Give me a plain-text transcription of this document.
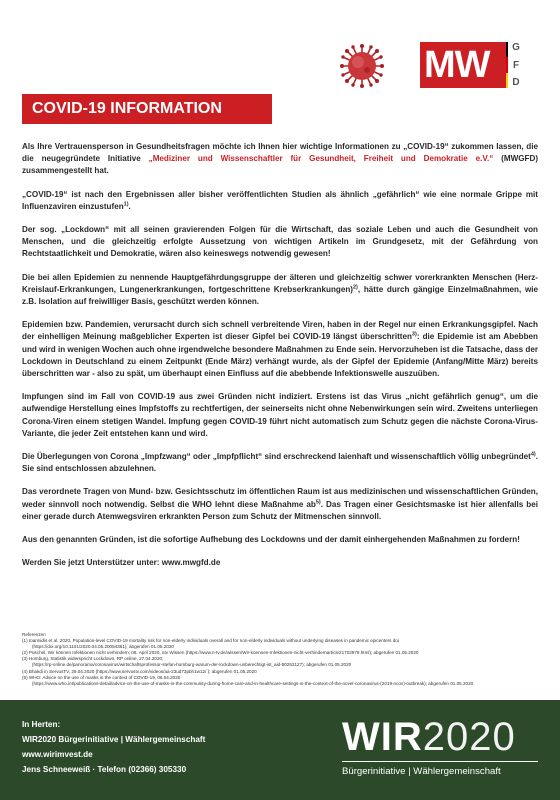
MW	G
F
D
COVID-19 INFORMATION

Als Ihre Vertrauensperson in Gesundheitsfragen möchte ich Ihnen hier wichtige Informationen zu „COVID-19“ zukommen lassen, die die neugegründete Initiative „Mediziner und Wissenschaftler für Gesundheit, Freiheit und Demokratie e.V.“ (MWGFD) zusammengestellt hat.

„COVID-19“ ist nach den Ergebnissen aller bisher veröffentlichten Studien als ähnlich „gefährlich“ wie eine normale Grippe mit Influenzaviren einzustufen$^{1)}$.

Der sog. „Lockdown“ mit all seinen gravierenden Folgen für die Wirtschaft, das soziale Leben und auch die Gesundheit von Menschen, und die gleichzeitig erfolgte Aussetzung von wichtigen Artikeln im Grundgesetz, mit der Gefährdung von Rechtstaatlichkeit und Demokratie, wären also keineswegs notwendig gewesen!

Die bei allen Epidemien zu nennende Hauptgefährdungsgruppe der älteren und gleichzeitig schwer vorerkrankten Menschen (Herz-Kreislauf-Erkrankungen, Lungenerkrankungen, fortgeschrittene Krebserkrankungen)$^{2)}$, hätte durch gängige Einzelmaßnahmen, wie z.B. Isolation auf freiwilliger Basis, geschützt werden können.

Epidemien bzw. Pandemien, verursacht durch sich schnell verbreitende Viren, haben in der Regel nur einen Erkrankungsgipfel. Nach der einhelligen Meinung maßgeblicher Experten ist dieser Gipfel bei COVID-19 längst überschritten$^{3)}$: die Epidemie ist am Abebben und wird in wenigen Wochen auch ohne irgendwelche besondere Maßnahmen zu Ende sein. Hervorzuheben ist die Tatsache, dass der Lockdown in Deutschland zu einem Zeitpunkt (Ende März) verhängt wurde, als der Gipfel der Epidemie (Anfang/Mitte März) bereits überschritten war - also zu spät, um überhaupt einen Einfluss auf die abebbende Infektionswelle auszuüben.

Impfungen sind im Fall von COVID-19 aus zwei Gründen nicht indiziert. Erstens ist das Virus „nicht gefährlich genug“, um die aufwendige Herstellung eines Impfstoffs zu rechtfertigen, der seinerseits nicht ohne Nebenwirkungen sein wird. Zweitens unterliegen Corona-Viren einem stetigen Wandel. Impfung gegen COVID-19 führt nicht automatisch zum Schutz gegen die nächste Corona-Virus-Variante, die jeder Zeit entstehen kann und wird.

Die Überlegungen von Corona „Impfzwang“ oder „Impfpflicht“ sind erschreckend laienhaft und wissenschaftlich völlig unbegründet$^{4)}$. Sie sind entschlossen abzulehnen.

Das verordnete Tragen von Mund- bzw. Gesichtsschutz im öffentlichen Raum ist aus medizinischen und wissenschaftlichen Gründen, weder sinnvoll noch notwendig. Selbst die WHO lehnt diese Maßnahme $ab^{5)}$. Das Tragen einer Gesichtsmaske ist hier allenfalls bei einer gerade durch Atemwegsviren erkrankten Person zum Schutz der Mitmenschen sinnvoll.

Aus den genannten Gründen, ist die sofortige Aufhebung des Lockdowns und der damit einhergehenden Maßnahmen zu fordern!

Werden Sie jetzt Unterstützer unter: www.mwgfd.de

Referenzen
(1) Ioannidis et al. 2020, Population-level COVID-19 mortality risk for non-elderly individuals overall and for non-elderly individuals without underlying diseases in pandemic epicenters doi
(https://doi.org/10.1101/2020.04.05.20054361); abgerufen 01.05.2020
(2) Püschel, Wir können Infektionen nicht verhindern; 08. April 2020, ntv Wissen (https://www.n-tv.de/wissen/Wir-koennen-Infektionen-nicht-verhindernarticle21702978.html); abgerufen 01.05.2020
(3) Homburg, Statistik widerspricht Lockdown, RP online, 27.04.2020;
(https://rp-online.de/panorama/coronavirus/wirtschaftsprofessor-stefan-homburg-warum-der-lockdown-unberechtigt-ist_aid-50253127); abgerufen 01.05.2020
(4) Bhakdi in ServusTV, 29.04.2020 (https://www.servustv.com/videos/aa-23ud73pbh1w12/ ); abgerufen 01.05.2020
(5) WHO: Advice on the use of masks in the context of COVID-19, 06.04.2020
(https://www.who.int/publications-detail/advice-on-the-use-of-masks-in-the-community-during-home-care-and-in-healthcare-settings-in-the-context-of-the-novel-coronavirus-(2019-ncov)-outbreak); abgerufen 01.05.2020
In Herten:
WIR2020 Bürgerinitiative | Wählergemeinschaft
www.wirimvest.de
Jens Schneeweiß · Telefon (02366) 305330
WIR2020
Bürgerinitiative | Wählergemeinschaft
